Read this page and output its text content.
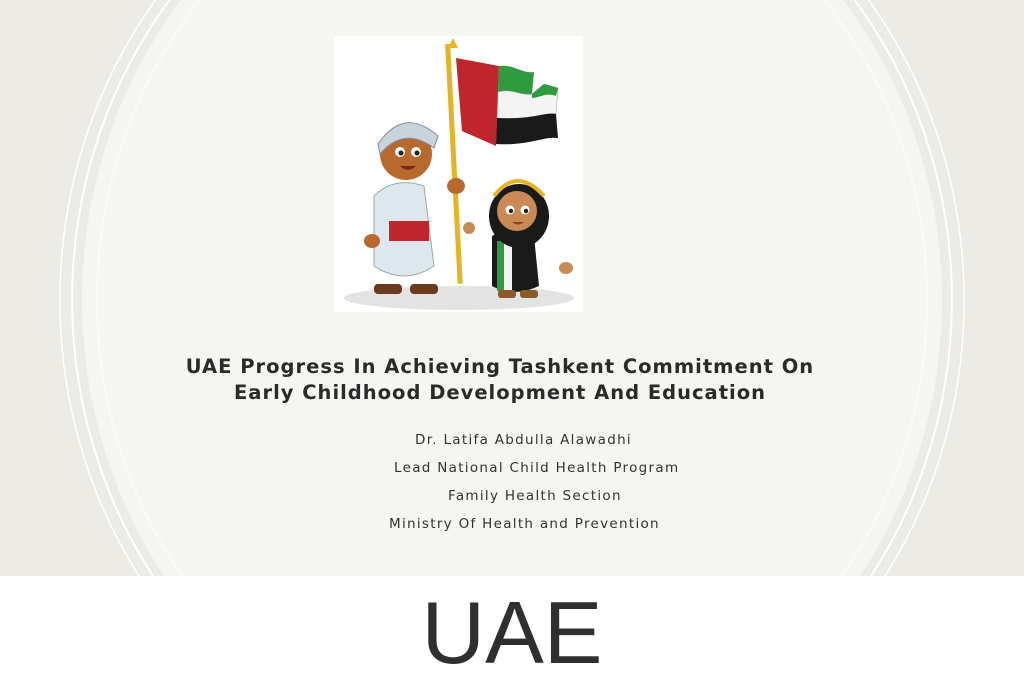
UAE Progress In Achieving Tashkent Commitment On
Early Childhood Development And Education
Dr. Latifa Abdulla Alawadhi
Lead National Child Health Program
Family Health Section
Ministry Of Health and Prevention
UAE
